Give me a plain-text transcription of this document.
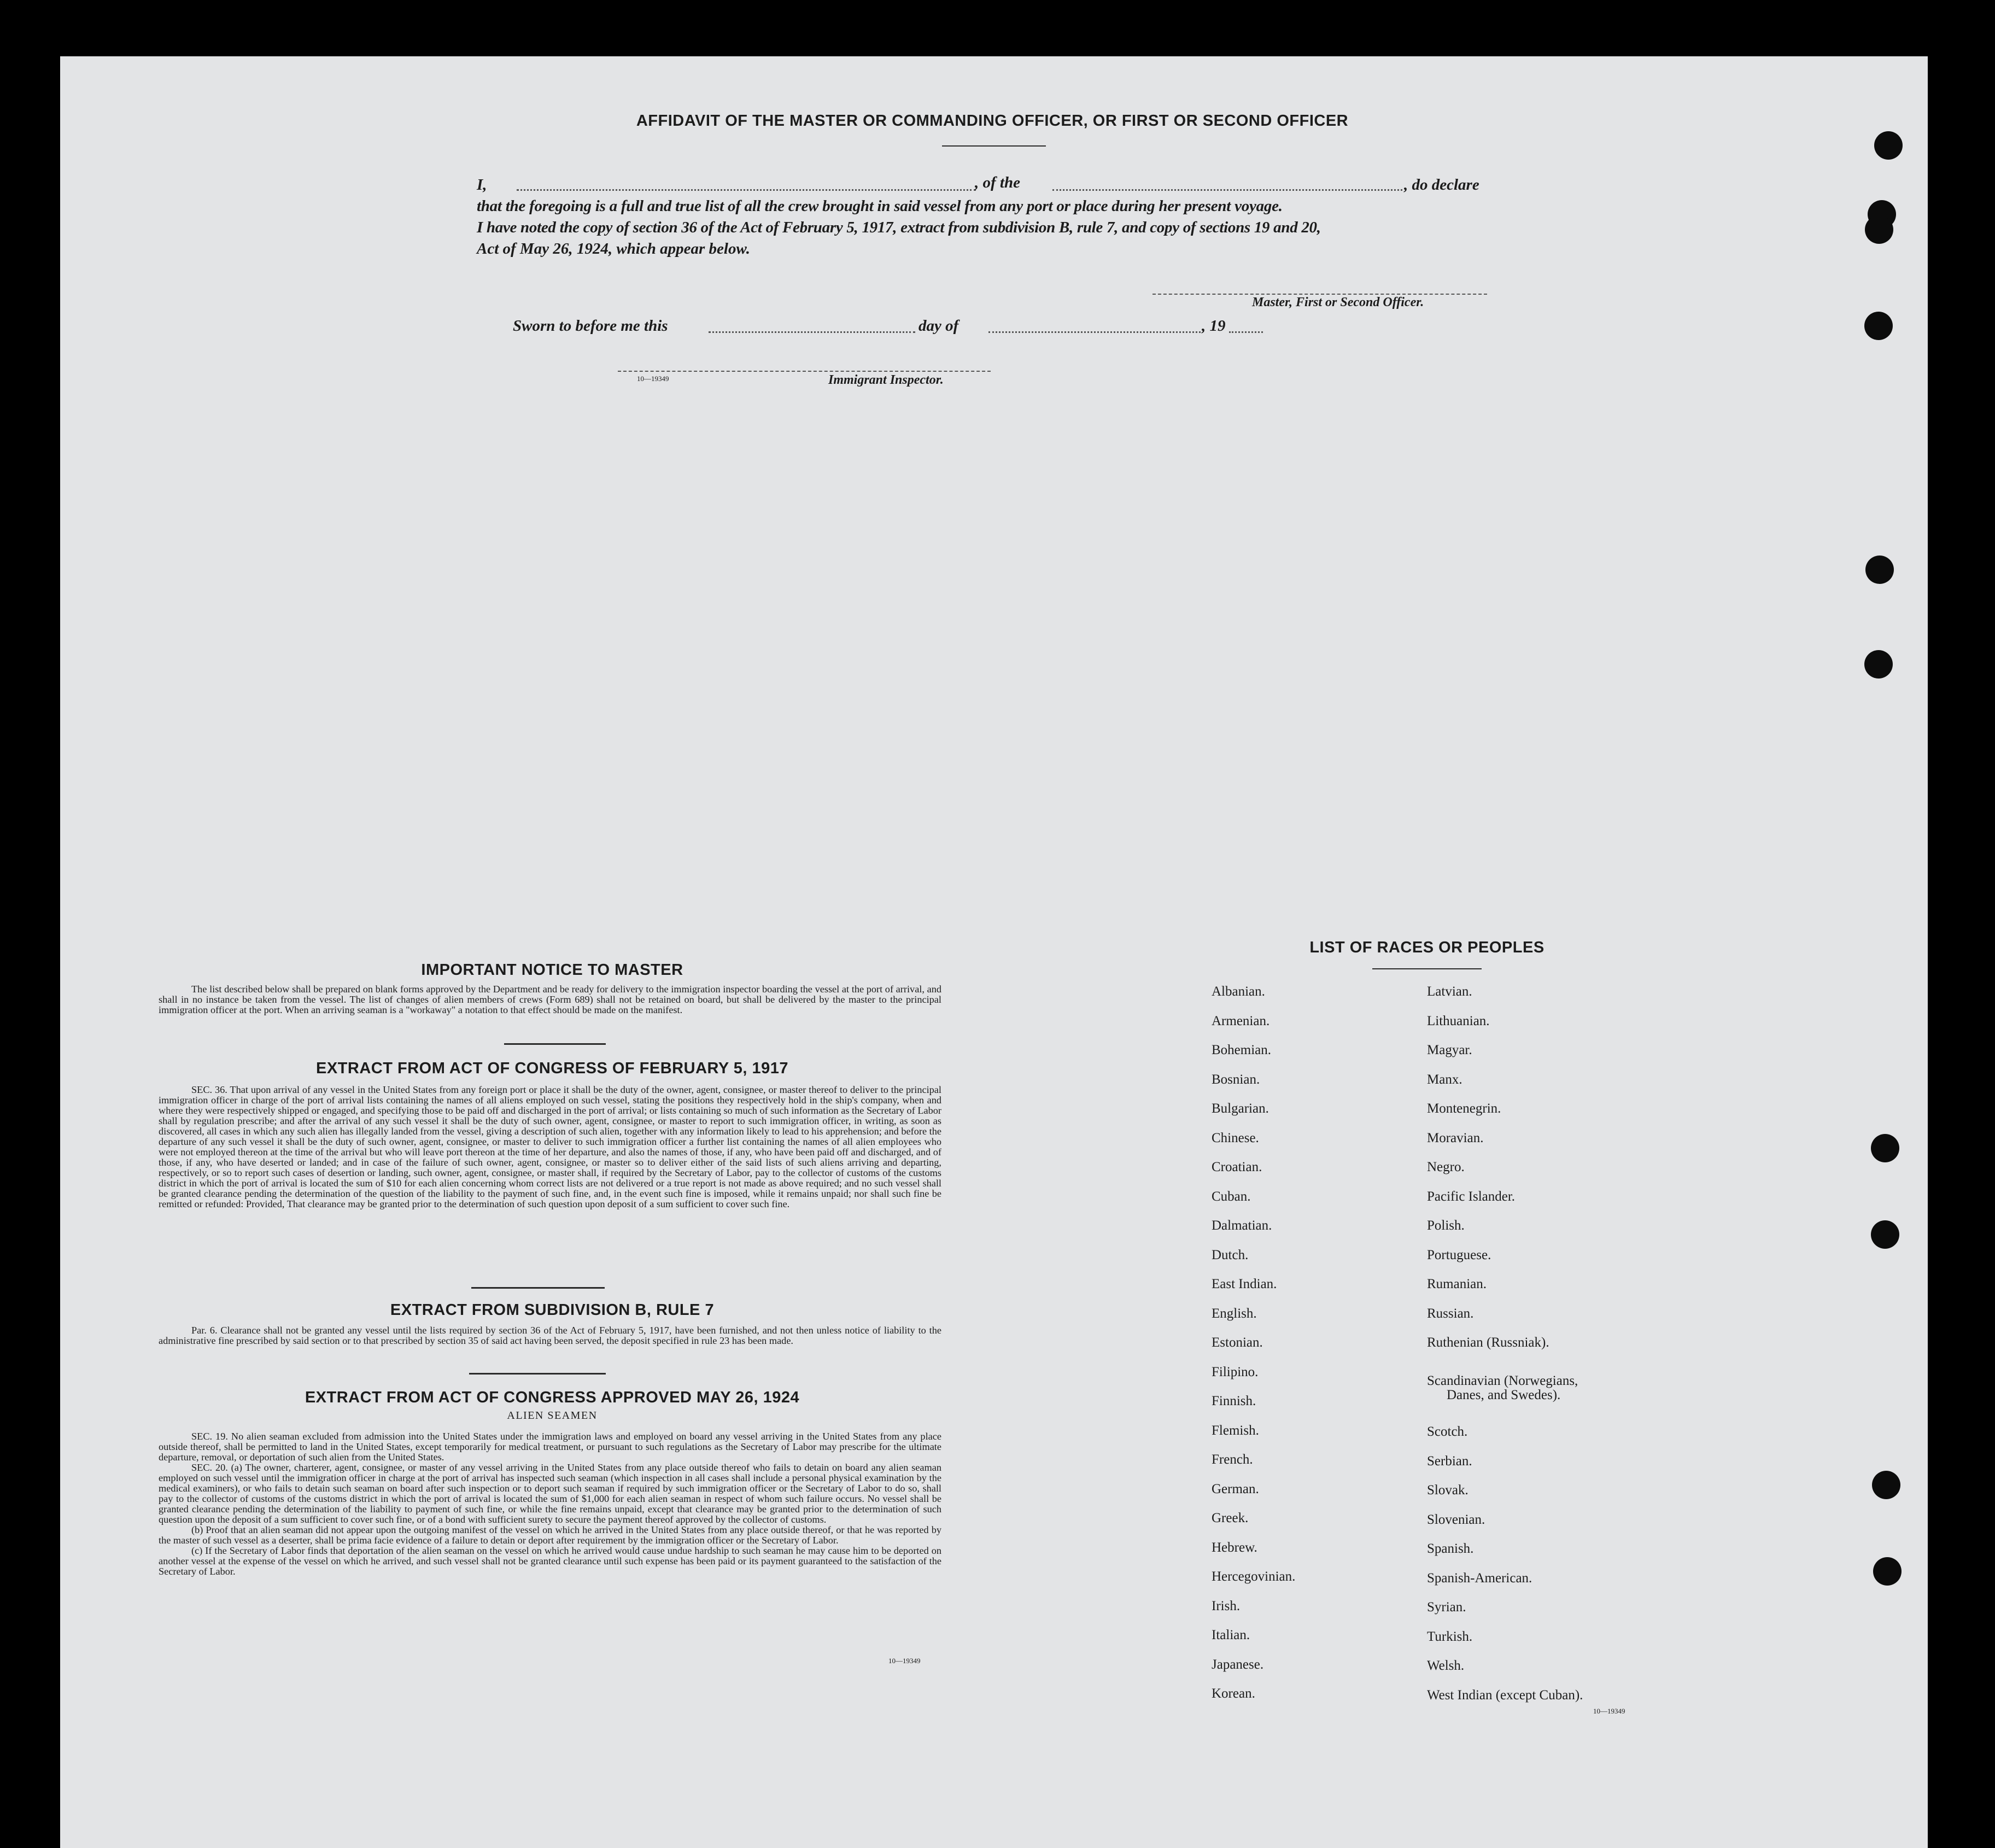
AFFIDAVIT OF THE MASTER OR COMMANDING OFFICER, OR FIRST OR SECOND OFFICER
I,	, of the	, do declare
that the foregoing is a full and true list of all the crew brought in said vessel from any port or place during her present voyage.
I have noted the copy of section 36 of the Act of February 5, 1917, extract from subdivision B, rule 7, and copy of sections 19 and 20,
Act of May 26, 1924, which appear below.
Master, First or Second Officer.
Sworn to before me this	day of	, 19
10—19349	Immigrant Inspector.
IMPORTANT NOTICE TO MASTER

The list described below shall be prepared on blank forms approved by the Department and be ready for delivery to the immigration inspector boarding the vessel at the port of arrival, and shall in no instance be taken from the vessel. The list of changes of alien members of crews (Form 689) shall not be retained on board, but shall be delivered by the master to the principal immigration officer at the port. When an arriving seaman is a "workaway" a notation to that effect should be made on the manifest.

EXTRACT FROM ACT OF CONGRESS OF FEBRUARY 5, 1917

SEC. 36. That upon arrival of any vessel in the United States from any foreign port or place it shall be the duty of the owner, agent, consignee, or master thereof to deliver to the principal immigration officer in charge of the port of arrival lists containing the names of all aliens employed on such vessel, stating the positions they respectively hold in the ship's company, when and where they were respectively shipped or engaged, and specifying those to be paid off and discharged in the port of arrival; or lists containing so much of such information as the Secretary of Labor shall by regulation prescribe; and after the arrival of any such vessel it shall be the duty of such owner, agent, consignee, or master to report to such immigration officer, in writing, as soon as discovered, all cases in which any such alien has illegally landed from the vessel, giving a description of such alien, together with any information likely to lead to his apprehension; and before the departure of any such vessel it shall be the duty of such owner, agent, consignee, or master to deliver to such immigration officer a further list containing the names of all alien employees who were not employed thereon at the time of the arrival but who will leave port thereon at the time of her departure, and also the names of those, if any, who have been paid off and discharged, and of those, if any, who have deserted or landed; and in case of the failure of such owner, agent, consignee, or master so to deliver either of the said lists of such aliens arriving and departing, respectively, or so to report such cases of desertion or landing, such owner, agent, consignee, or master shall, if required by the Secretary of Labor, pay to the collector of customs of the customs district in which the port of arrival is located the sum of $10 for each alien concerning whom correct lists are not delivered or a true report is not made as above required; and no such vessel shall be granted clearance pending the determination of the question of the liability to the payment of such fine, and, in the event such fine is imposed, while it remains unpaid; nor shall such fine be remitted or refunded: Provided, That clearance may be granted prior to the determination of such question upon deposit of a sum sufficient to cover such fine.

EXTRACT FROM SUBDIVISION B, RULE 7

Par. 6. Clearance shall not be granted any vessel until the lists required by section 36 of the Act of February 5, 1917, have been furnished, and not then unless notice of liability to the administrative fine prescribed by said section or to that prescribed by section 35 of said act having been served, the deposit specified in rule 23 has been made.

EXTRACT FROM ACT OF CONGRESS APPROVED MAY 26, 1924
ALIEN SEAMEN

SEC. 19. No alien seaman excluded from admission into the United States under the immigration laws and employed on board any vessel arriving in the United States from any place outside thereof, shall be permitted to land in the United States, except temporarily for medical treatment, or pursuant to such regulations as the Secretary of Labor may prescribe for the ultimate departure, removal, or deportation of such alien from the United States.

SEC. 20. (a) The owner, charterer, agent, consignee, or master of any vessel arriving in the United States from any place outside thereof who fails to detain on board any alien seaman employed on such vessel until the immigration officer in charge at the port of arrival has inspected such seaman (which inspection in all cases shall include a personal physical examination by the medical examiners), or who fails to detain such seaman on board after such inspection or to deport such seaman if required by such immigration officer or the Secretary of Labor to do so, shall pay to the collector of customs of the customs district in which the port of arrival is located the sum of $1,000 for each alien seaman in respect of whom such failure occurs. No vessel shall be granted clearance pending the determination of the liability to payment of such fine, or while the fine remains unpaid, except that clearance may be granted prior to the determination of such question upon the deposit of a sum sufficient to cover such fine, or of a bond with sufficient surety to secure the payment thereof approved by the collector of customs.

(b) Proof that an alien seaman did not appear upon the outgoing manifest of the vessel on which he arrived in the United States from any place outside thereof, or that he was reported by the master of such vessel as a deserter, shall be prima facie evidence of a failure to detain or deport after requirement by the immigration officer or the Secretary of Labor.

(c) If the Secretary of Labor finds that deportation of the alien seaman on the vessel on which he arrived would cause undue hardship to such seaman he may cause him to be deported on another vessel at the expense of the vessel on which he arrived, and such vessel shall not be granted clearance until such expense has been paid or its payment guaranteed to the satisfaction of the Secretary of Labor.

10—19349
LIST OF RACES OR PEOPLES
Albanian.
Armenian.
Bohemian.
Bosnian.
Bulgarian.
Chinese.
Croatian.
Cuban.
Dalmatian.
Dutch.
East Indian.
English.
Estonian.
Filipino.
Finnish.
Flemish.
French.
German.
Greek.
Hebrew.
Hercegovinian.
Irish.
Italian.
Japanese.
Korean.
Latvian.
Lithuanian.
Magyar.
Manx.
Montenegrin.
Moravian.
Negro.
Pacific Islander.
Polish.
Portuguese.
Rumanian.
Russian.
Ruthenian (Russniak).
Scandinavian (Norwegians,
Danes, and Swedes).
Scotch.
Serbian.
Slovak.
Slovenian.
Spanish.
Spanish-American.
Syrian.
Turkish.
Welsh.
West Indian (except Cuban).
10—19349
